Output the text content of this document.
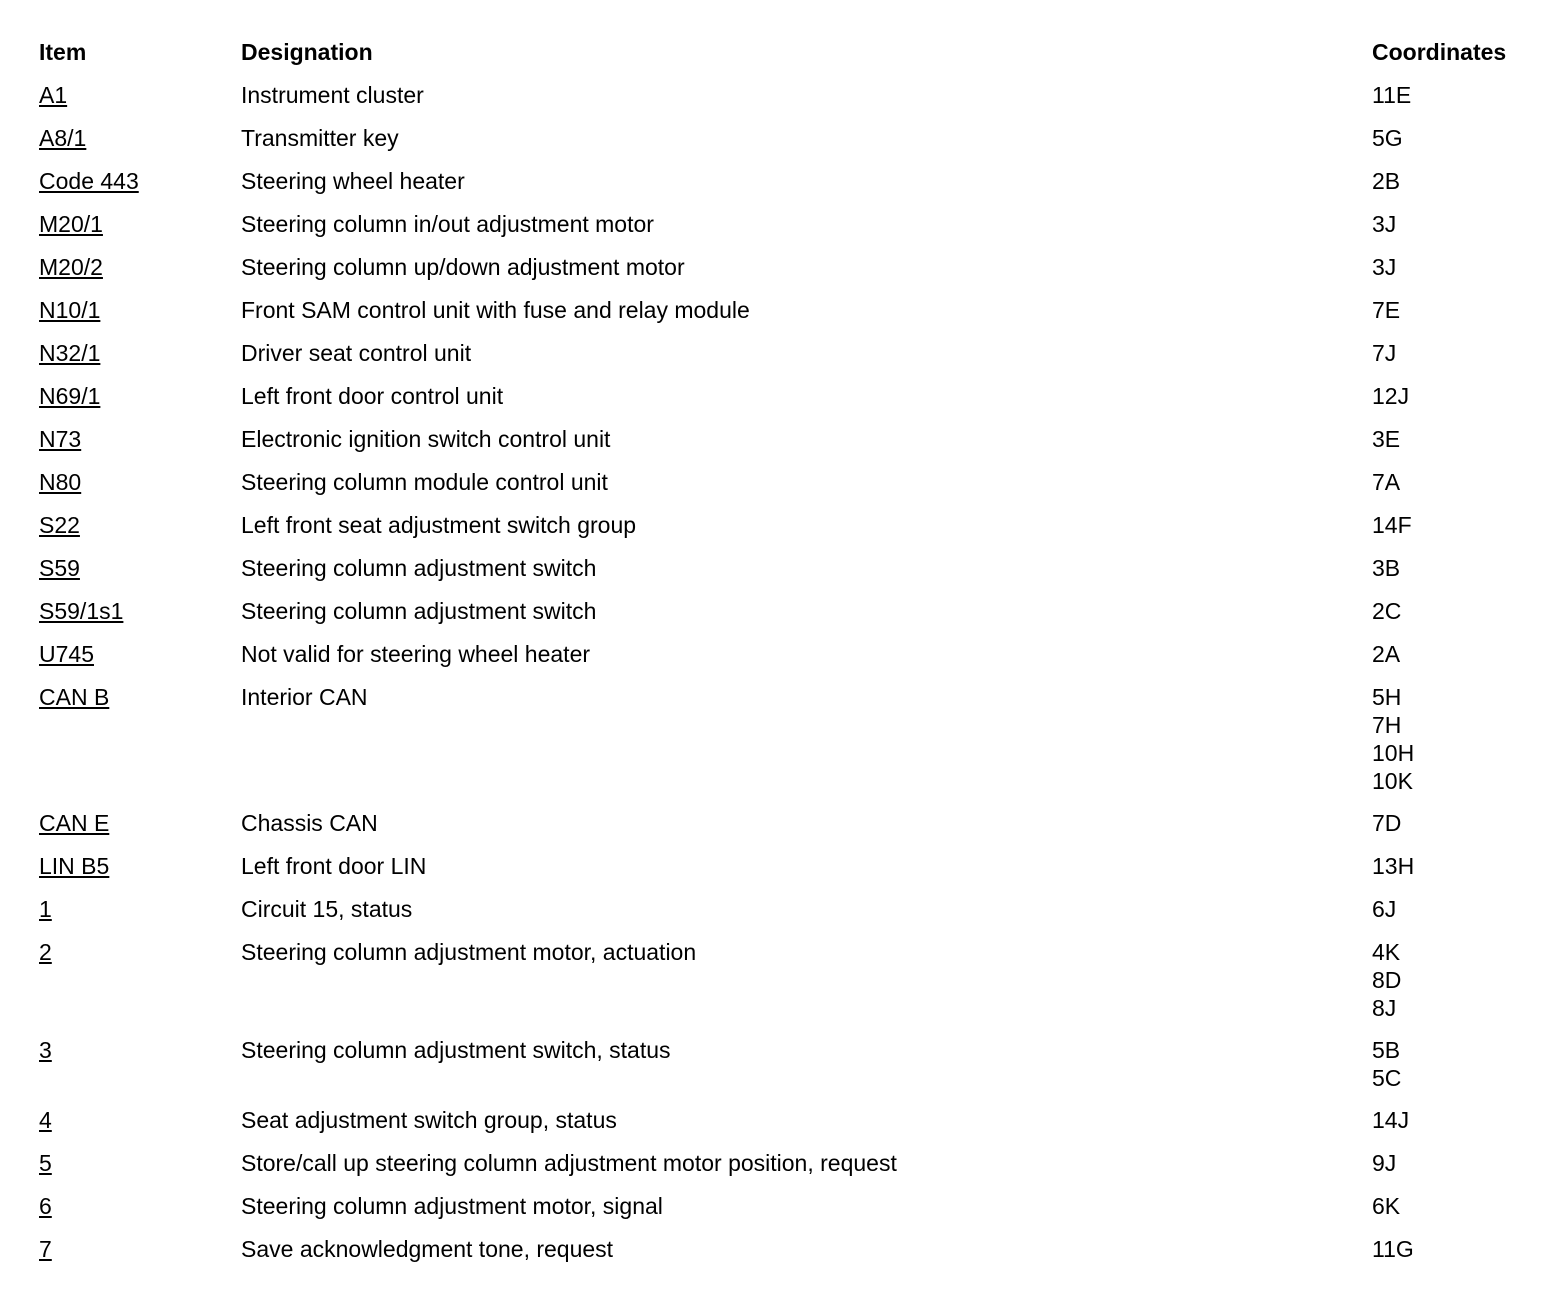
Item	Designation	Coordinates
A1	Instrument cluster	11E
A8/1	Transmitter key	5G
Code 443	Steering wheel heater	2B
M20/1	Steering column in/out adjustment motor	3J
M20/2	Steering column up/down adjustment motor	3J
N10/1	Front SAM control unit with fuse and relay module	7E
N32/1	Driver seat control unit	7J
N69/1	Left front door control unit	12J
N73	Electronic ignition switch control unit	3E
N80	Steering column module control unit	7A
S22	Left front seat adjustment switch group	14F
S59	Steering column adjustment switch	3B
S59/1s1	Steering column adjustment switch	2C
U745	Not valid for steering wheel heater	2A
CAN B	Interior CAN	5H
7H
10H
10K
CAN E	Chassis CAN	7D
LIN B5	Left front door LIN	13H
1	Circuit 15, status	6J
2	Steering column adjustment motor, actuation	4K
8D
8J
3	Steering column adjustment switch, status	5B
5C
4	Seat adjustment switch group, status	14J
5	Store/call up steering column adjustment motor position, request	9J
6	Steering column adjustment motor, signal	6K
7	Save acknowledgment tone, request	11G
